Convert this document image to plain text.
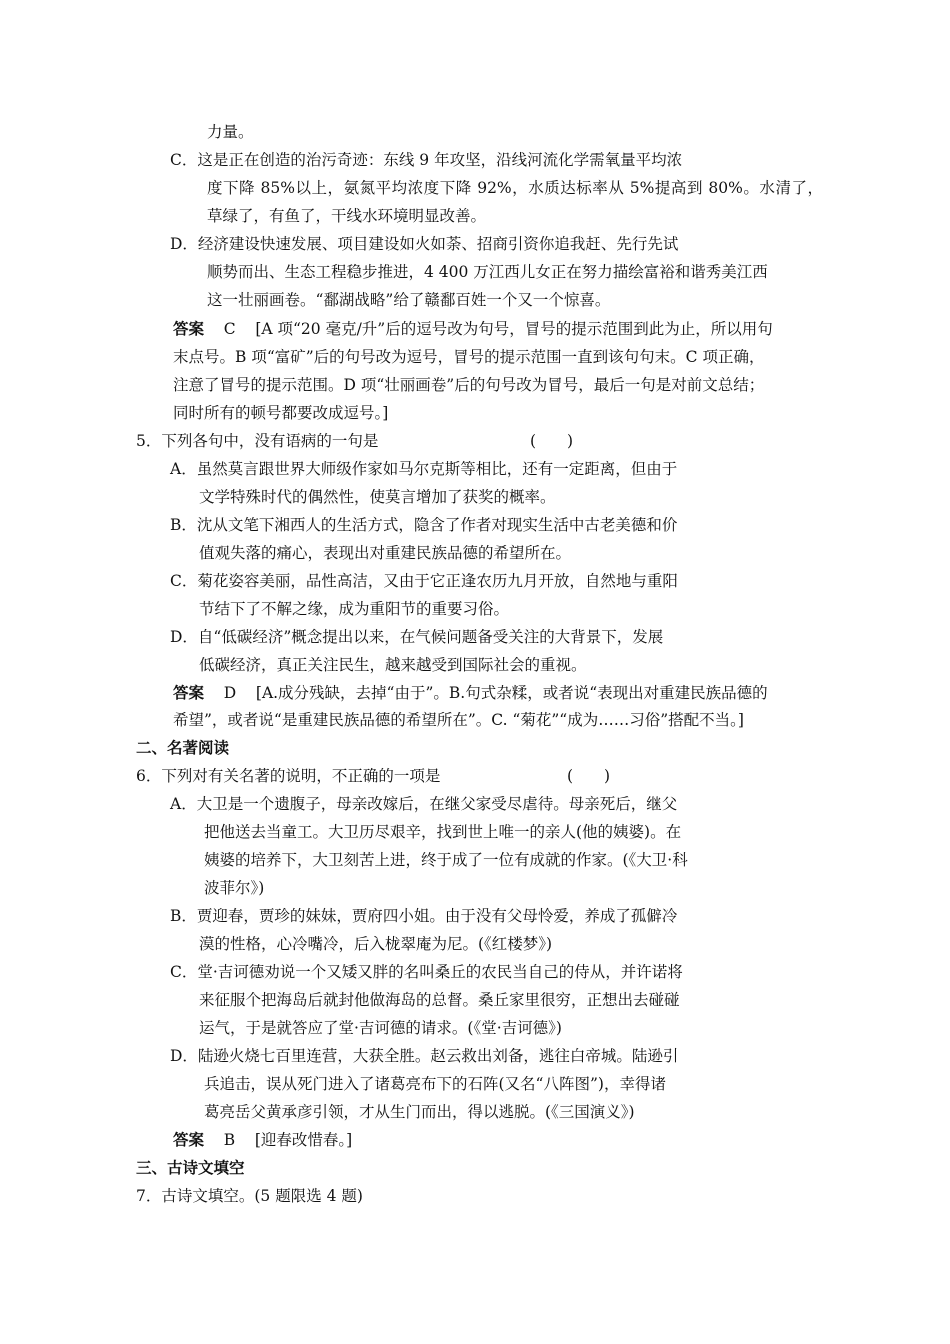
力量。
C．这是正在创造的治污奇迹：东线 9 年攻坚，沿线河流化学需氧量平均浓
度下降 85%以上，氨氮平均浓度下降 92%，水质达标率从 5%提高到 80%。水清了，
草绿了，有鱼了，干线水环境明显改善。
D．经济建设快速发展、项目建设如火如荼、招商引资你追我赶、先行先试
顺势而出、生态工程稳步推进，4 400 万江西儿女正在努力描绘富裕和谐秀美江西
这一壮丽画卷。“鄱湖战略”给了赣鄱百姓一个又一个惊喜。
答案 C [A 项“20 毫克/升”后的逗号改为句号，冒号的提示范围到此为止，所以用句
末点号。B 项“富矿”后的句号改为逗号，冒号的提示范围一直到该句句末。C 项正确，
注意了冒号的提示范围。D 项“壮丽画卷”后的句号改为冒号，最后一句是对前文总结；
同时所有的顿号都要改成逗号。]
5．下列各句中，没有语病的一句是	(　　)
A．虽然莫言跟世界大师级作家如马尔克斯等相比，还有一定距离，但由于
文学特殊时代的偶然性，使莫言增加了获奖的概率。
B．沈从文笔下湘西人的生活方式，隐含了作者对现实生活中古老美德和价
值观失落的痛心，表现出对重建民族品德的希望所在。
C．菊花姿容美丽，品性高洁，又由于它正逢农历九月开放，自然地与重阳
节结下了不解之缘，成为重阳节的重要习俗。
D．自“低碳经济”概念提出以来，在气候问题备受关注的大背景下，发展
低碳经济，真正关注民生，越来越受到国际社会的重视。
答案 D [A.成分残缺，去掉“由于”。B.句式杂糅，或者说“表现出对重建民族品德的
希望”，或者说“是重建民族品德的希望所在”。C. “菊花”“成为……习俗”搭配不当。]
二、名著阅读
6．下列对有关名著的说明，不正确的一项是	(　　)
A．大卫是一个遗腹子，母亲改嫁后，在继父家受尽虐待。母亲死后，继父
把他送去当童工。大卫历尽艰辛，找到世上唯一的亲人(他的姨婆)。在
姨婆的培养下，大卫刻苦上进，终于成了一位有成就的作家。(《大卫·科
波菲尔》)
B．贾迎春，贾珍的妹妹，贾府四小姐。由于没有父母怜爱，养成了孤僻冷
漠的性格，心冷嘴冷，后入栊翠庵为尼。(《红楼梦》)
C．堂·吉诃德劝说一个又矮又胖的名叫桑丘的农民当自己的侍从，并许诺将
来征服个把海岛后就封他做海岛的总督。桑丘家里很穷，正想出去碰碰
运气，于是就答应了堂·吉诃德的请求。(《堂·吉诃德》)
D．陆逊火烧七百里连营，大获全胜。赵云救出刘备，逃往白帝城。陆逊引
兵追击，误从死门进入了诸葛亮布下的石阵(又名“八阵图”)，幸得诸
葛亮岳父黄承彦引领，才从生门而出，得以逃脱。(《三国演义》)
答案 B [迎春改惜春。]
三、古诗文填空
7．古诗文填空。(5 题限选 4 题)
